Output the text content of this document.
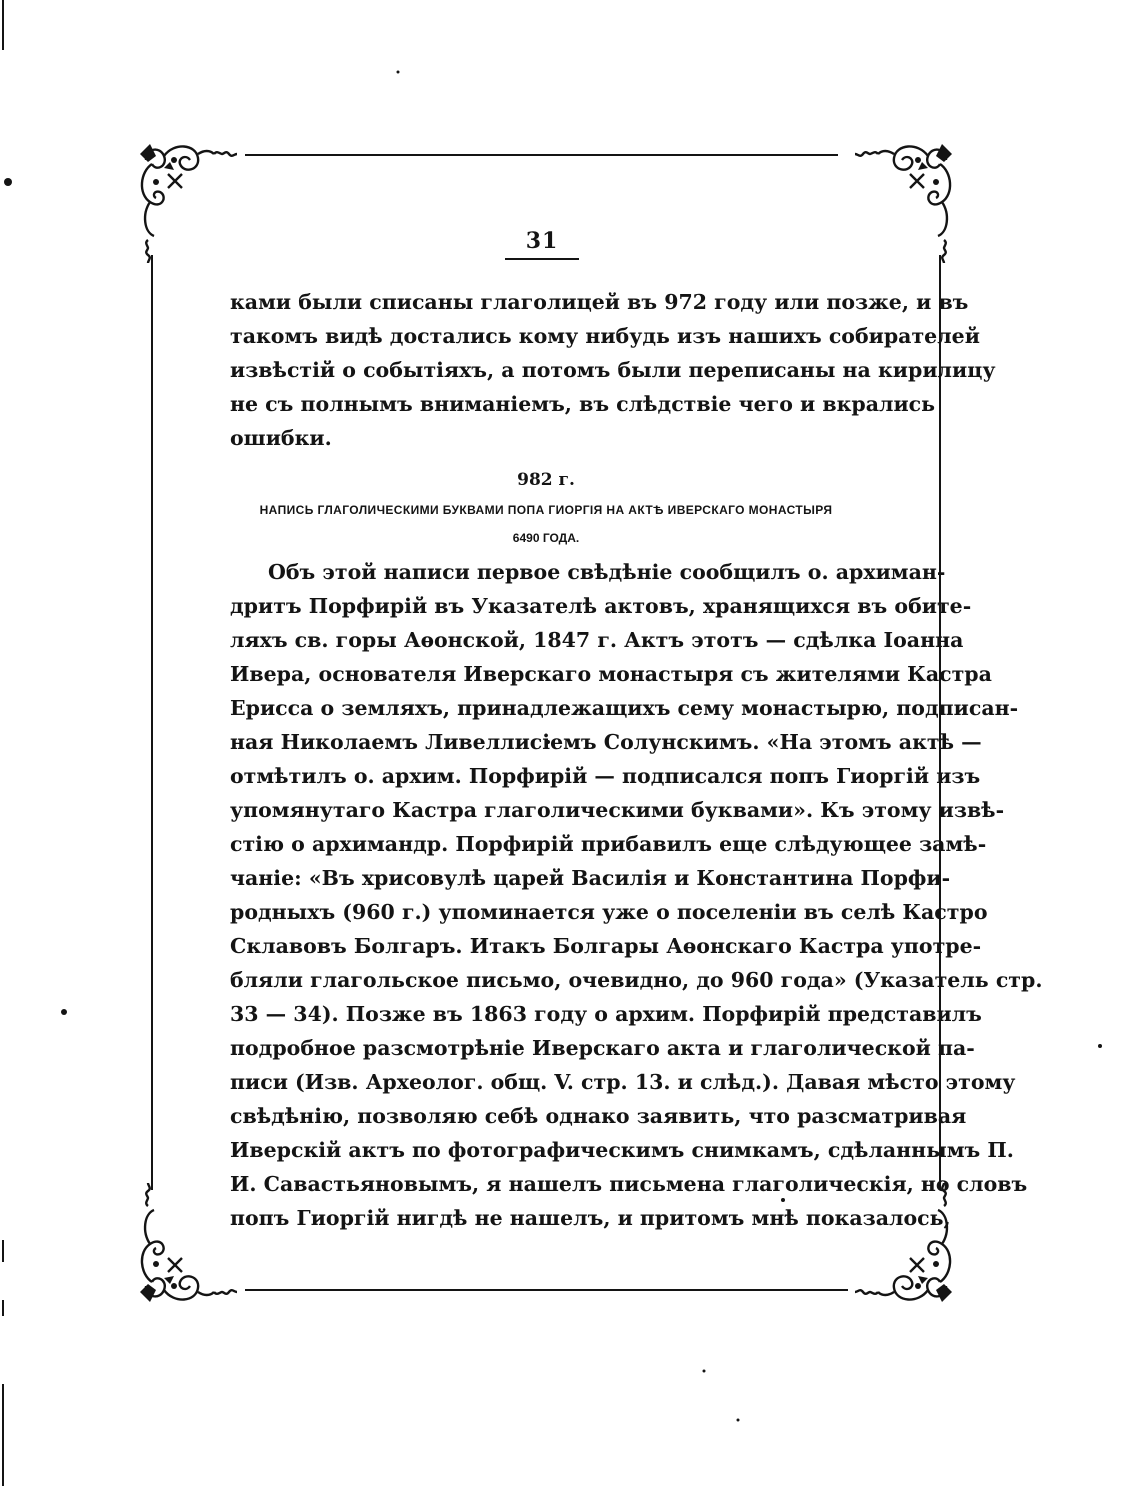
31
ками были списаны глаголицей въ 972 году или позже, и въ
такомъ видѣ достались кому нибудь изъ нашихъ собирателей
извѣстій о событіяхъ, а потомъ были переписаны на кирилицу
не съ полнымъ вниманіемъ, въ слѣдствіе чего и вкрались
ошибки.
982 г.
НАПИСЬ ГЛАГОЛИЧЕСКИМИ БУКВАМИ ПОПА ГИОРГІЯ НА АКТѢ ИВЕРСКАГО МОНАСТЫРЯ
6490 ГОДА.
Объ этой написи первое свѣдѣніе сообщилъ о. архиман-
дритъ Порфирій въ Указателѣ актовъ, хранящихся въ обите-
ляхъ св. горы Аѳонской, 1847 г. Актъ этотъ — сдѣлка Іоанна
Ивера, основателя Иверскаго монастыря съ жителями Кастра
Ерисса о земляхъ, принадлежащихъ сему монастырю, подписан-
ная Николаемъ Ливеллисіемъ Солунскимъ. «На этомъ актѣ —
отмѣтилъ о. архим. Порфирій — подписался попъ Гиоргій изъ
упомянутаго Кастра глаголическими буквами». Къ этому извѣ-
стію о архимандр. Порфирій прибавилъ еще слѣдующее замѣ-
чаніе: «Въ хрисовулѣ царей Василія и Константина Порфи-
родныхъ (960 г.) упоминается уже о поселеніи въ селѣ Кастро
Склавовъ Болгаръ. Итакъ Болгары Аѳонскаго Кастра употре-
бляли глагольское письмо, очевидно, до 960 года» (Указатель стр.
33 — 34). Позже въ 1863 году о архим. Порфирій представилъ
подробное разсмотрѣніе Иверскаго акта и глаголической па-
писи (Изв. Археолог. общ. V. стр. 13. и слѣд.). Давая мѣсто этому
свѣдѣнію, позволяю себѣ однако заявить, что разсматривая
Иверскій актъ по фотографическимъ снимкамъ, сдѣланнымъ П.
И. Савастьяновымъ, я нашелъ письмена глаголическія, но словъ
попъ Гиоргій нигдѣ не нашелъ, и притомъ мнѣ показалось,
